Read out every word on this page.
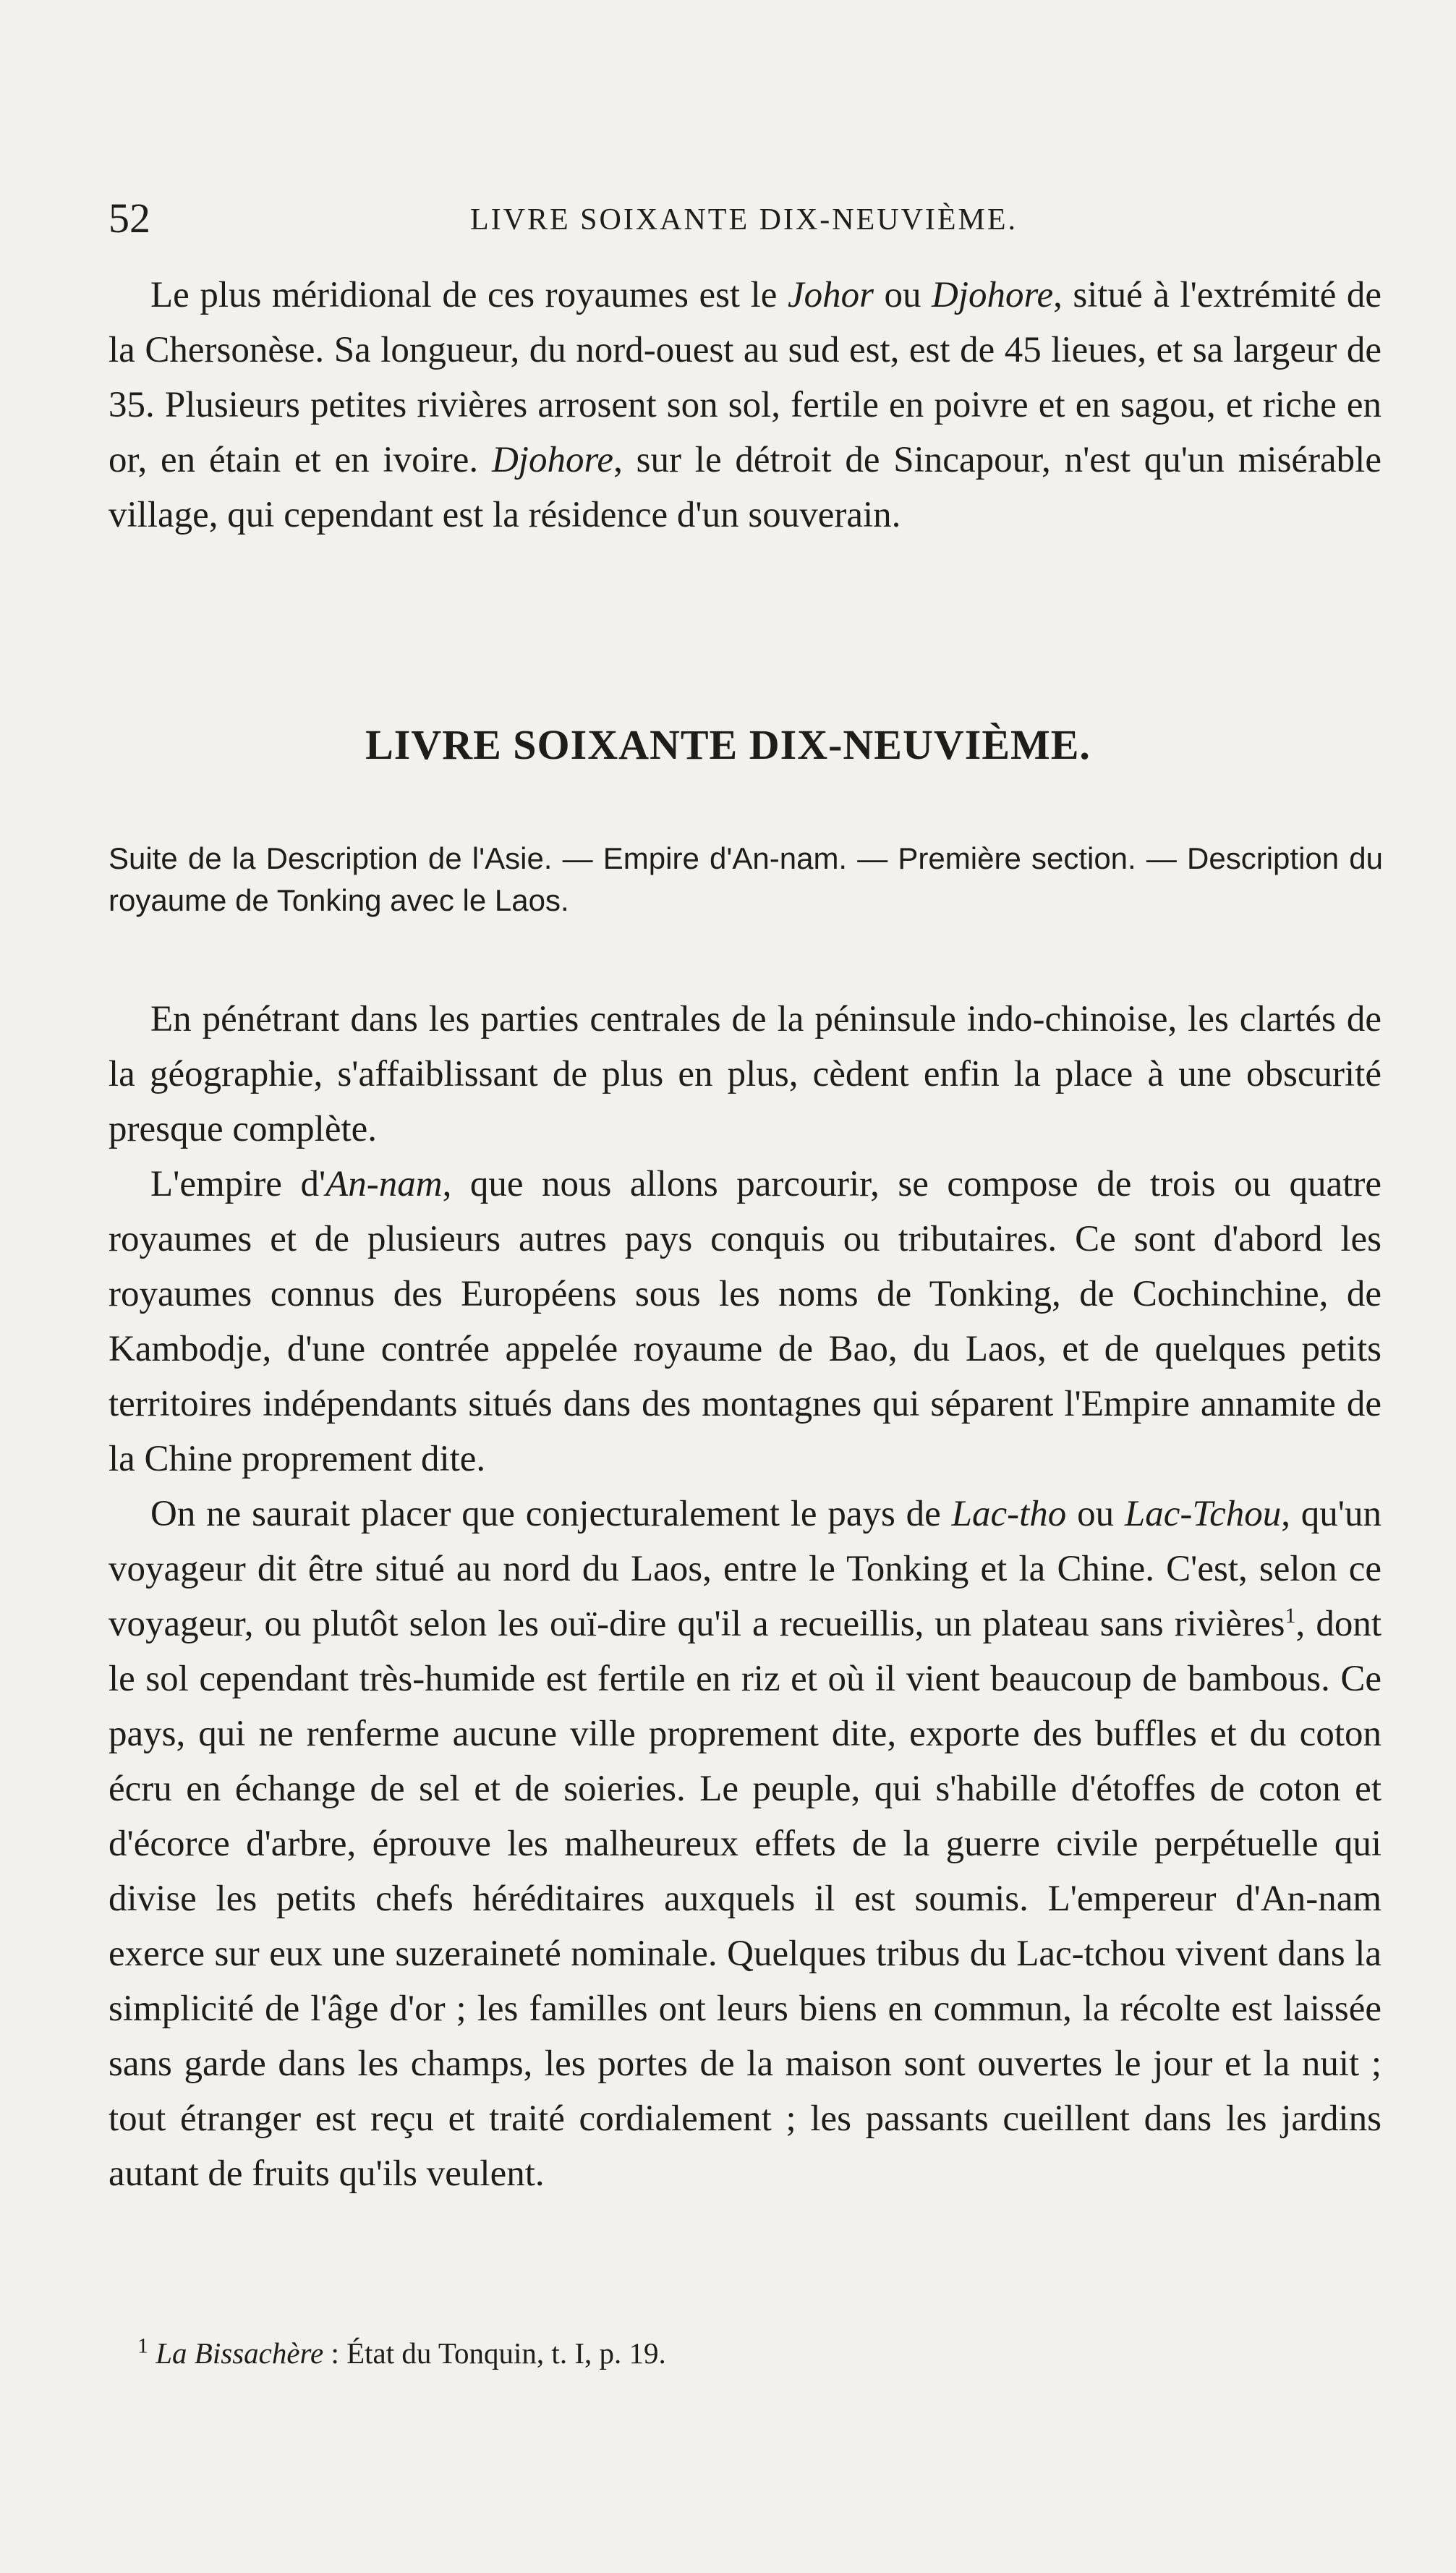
52	LIVRE SOIXANTE DIX-NEUVIÈME.

Le plus méridional de ces royaumes est le Johor ou Djohore, situé à l'extrémité de la Chersonèse. Sa longueur, du nord-ouest au sud est, est de 45 lieues, et sa largeur de 35. Plusieurs petites rivières arrosent son sol, fertile en poivre et en sagou, et riche en or, en étain et en ivoire. Djohore, sur le détroit de Sincapour, n'est qu'un misérable village, qui cependant est la résidence d'un souverain.

LIVRE SOIXANTE DIX-NEUVIÈME.
Suite de la Description de l'Asie. — Empire d'An-nam. — Première section. — Description du royaume de Tonking avec le Laos.

En pénétrant dans les parties centrales de la péninsule indo-chinoise, les clartés de la géographie, s'affaiblissant de plus en plus, cèdent enfin la place à une obscurité presque complète.

L'empire d'An-nam, que nous allons parcourir, se compose de trois ou quatre royaumes et de plusieurs autres pays conquis ou tributaires. Ce sont d'abord les royaumes connus des Européens sous les noms de Tonking, de Cochinchine, de Kambodje, d'une contrée appelée royaume de Bao, du Laos, et de quelques petits territoires indépendants situés dans des montagnes qui séparent l'Empire annamite de la Chine proprement dite.

On ne saurait placer que conjecturalement le pays de Lac-tho ou Lac-Tchou, qu'un voyageur dit être situé au nord du Laos, entre le Tonking et la Chine. C'est, selon ce voyageur, ou plutôt selon les ouï-dire qu'il a recueillis, un plateau sans rivières$^1$, dont le sol cependant très-humide est fertile en riz et où il vient beaucoup de bambous. Ce pays, qui ne renferme aucune ville proprement dite, exporte des buffles et du coton écru en échange de sel et de soieries. Le peuple, qui s'habille d'étoffes de coton et d'écorce d'arbre, éprouve les malheureux effets de la guerre civile perpétuelle qui divise les petits chefs héréditaires auxquels il est soumis. L'empereur d'An-nam exerce sur eux une suzeraineté nominale. Quelques tribus du Lac-tchou vivent dans la simplicité de l'âge d'or ; les familles ont leurs biens en commun, la récolte est laissée sans garde dans les champs, les portes de la maison sont ouvertes le jour et la nuit ; tout étranger est reçu et traité cordialement ; les passants cueillent dans les jardins autant de fruits qu'ils veulent.

$^1$ La Bissachère : État du Tonquin, t. I, p. 19.
